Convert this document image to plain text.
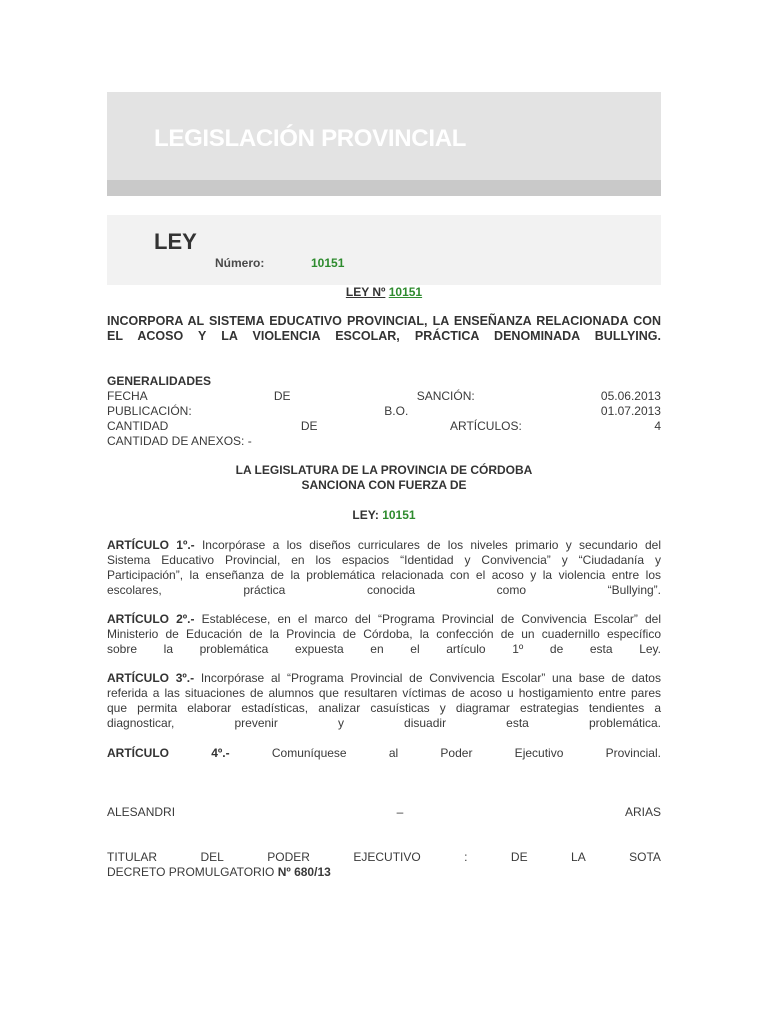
LEGISLACIÓN PROVINCIAL
LEY
Número:	10151
LEY Nº 10151
INCORPORA AL SISTEMA EDUCATIVO PROVINCIAL, LA ENSEÑANZA RELACIONADA CON
EL ACOSO Y LA VIOLENCIA ESCOLAR, PRÁCTICA DENOMINADA BULLYING.
GENERALIDADES
FECHA	DE	SANCIÓN:	05.06.2013
PUBLICACIÓN:	B.O.	01.07.2013
CANTIDAD	DE	ARTÍCULOS:	4
CANTIDAD DE ANEXOS: -
LA LEGISLATURA DE LA PROVINCIA DE CÓRDOBA
SANCIONA CON FUERZA DE
LEY: 10151
ARTÍCULO 1º.- Incorpórase a los diseños curriculares de los niveles primario y secundario del
Sistema Educativo Provincial, en los espacios “Identidad y Convivencia” y “Ciudadanía y
Participación”, la enseñanza de la problemática relacionada con el acoso y la violencia entre los
escolares, práctica conocida como “Bullying”.
ARTÍCULO 2º.- Establécese, en el marco del “Programa Provincial de Convivencia Escolar” del
Ministerio de Educación de la Provincia de Córdoba, la confección de un cuadernillo específico
sobre la problemática expuesta en el artículo 1º de esta Ley.
ARTÍCULO 3º.- Incorpórase al “Programa Provincial de Convivencia Escolar” una base de datos
referida a las situaciones de alumnos que resultaren víctimas de acoso u hostigamiento entre pares
que permita elaborar estadísticas, analizar casuísticas y diagramar estrategias tendientes a
diagnosticar, prevenir y disuadir esta problemática.
ARTÍCULO 4º.-	Comuníquese al Poder Ejecutivo Provincial.
ALESANDRI	–	ARIAS
TITULAR	DEL	PODER	EJECUTIVO	:	DE	LA	SOTA
DECRETO PROMULGATORIO Nº 680/13
